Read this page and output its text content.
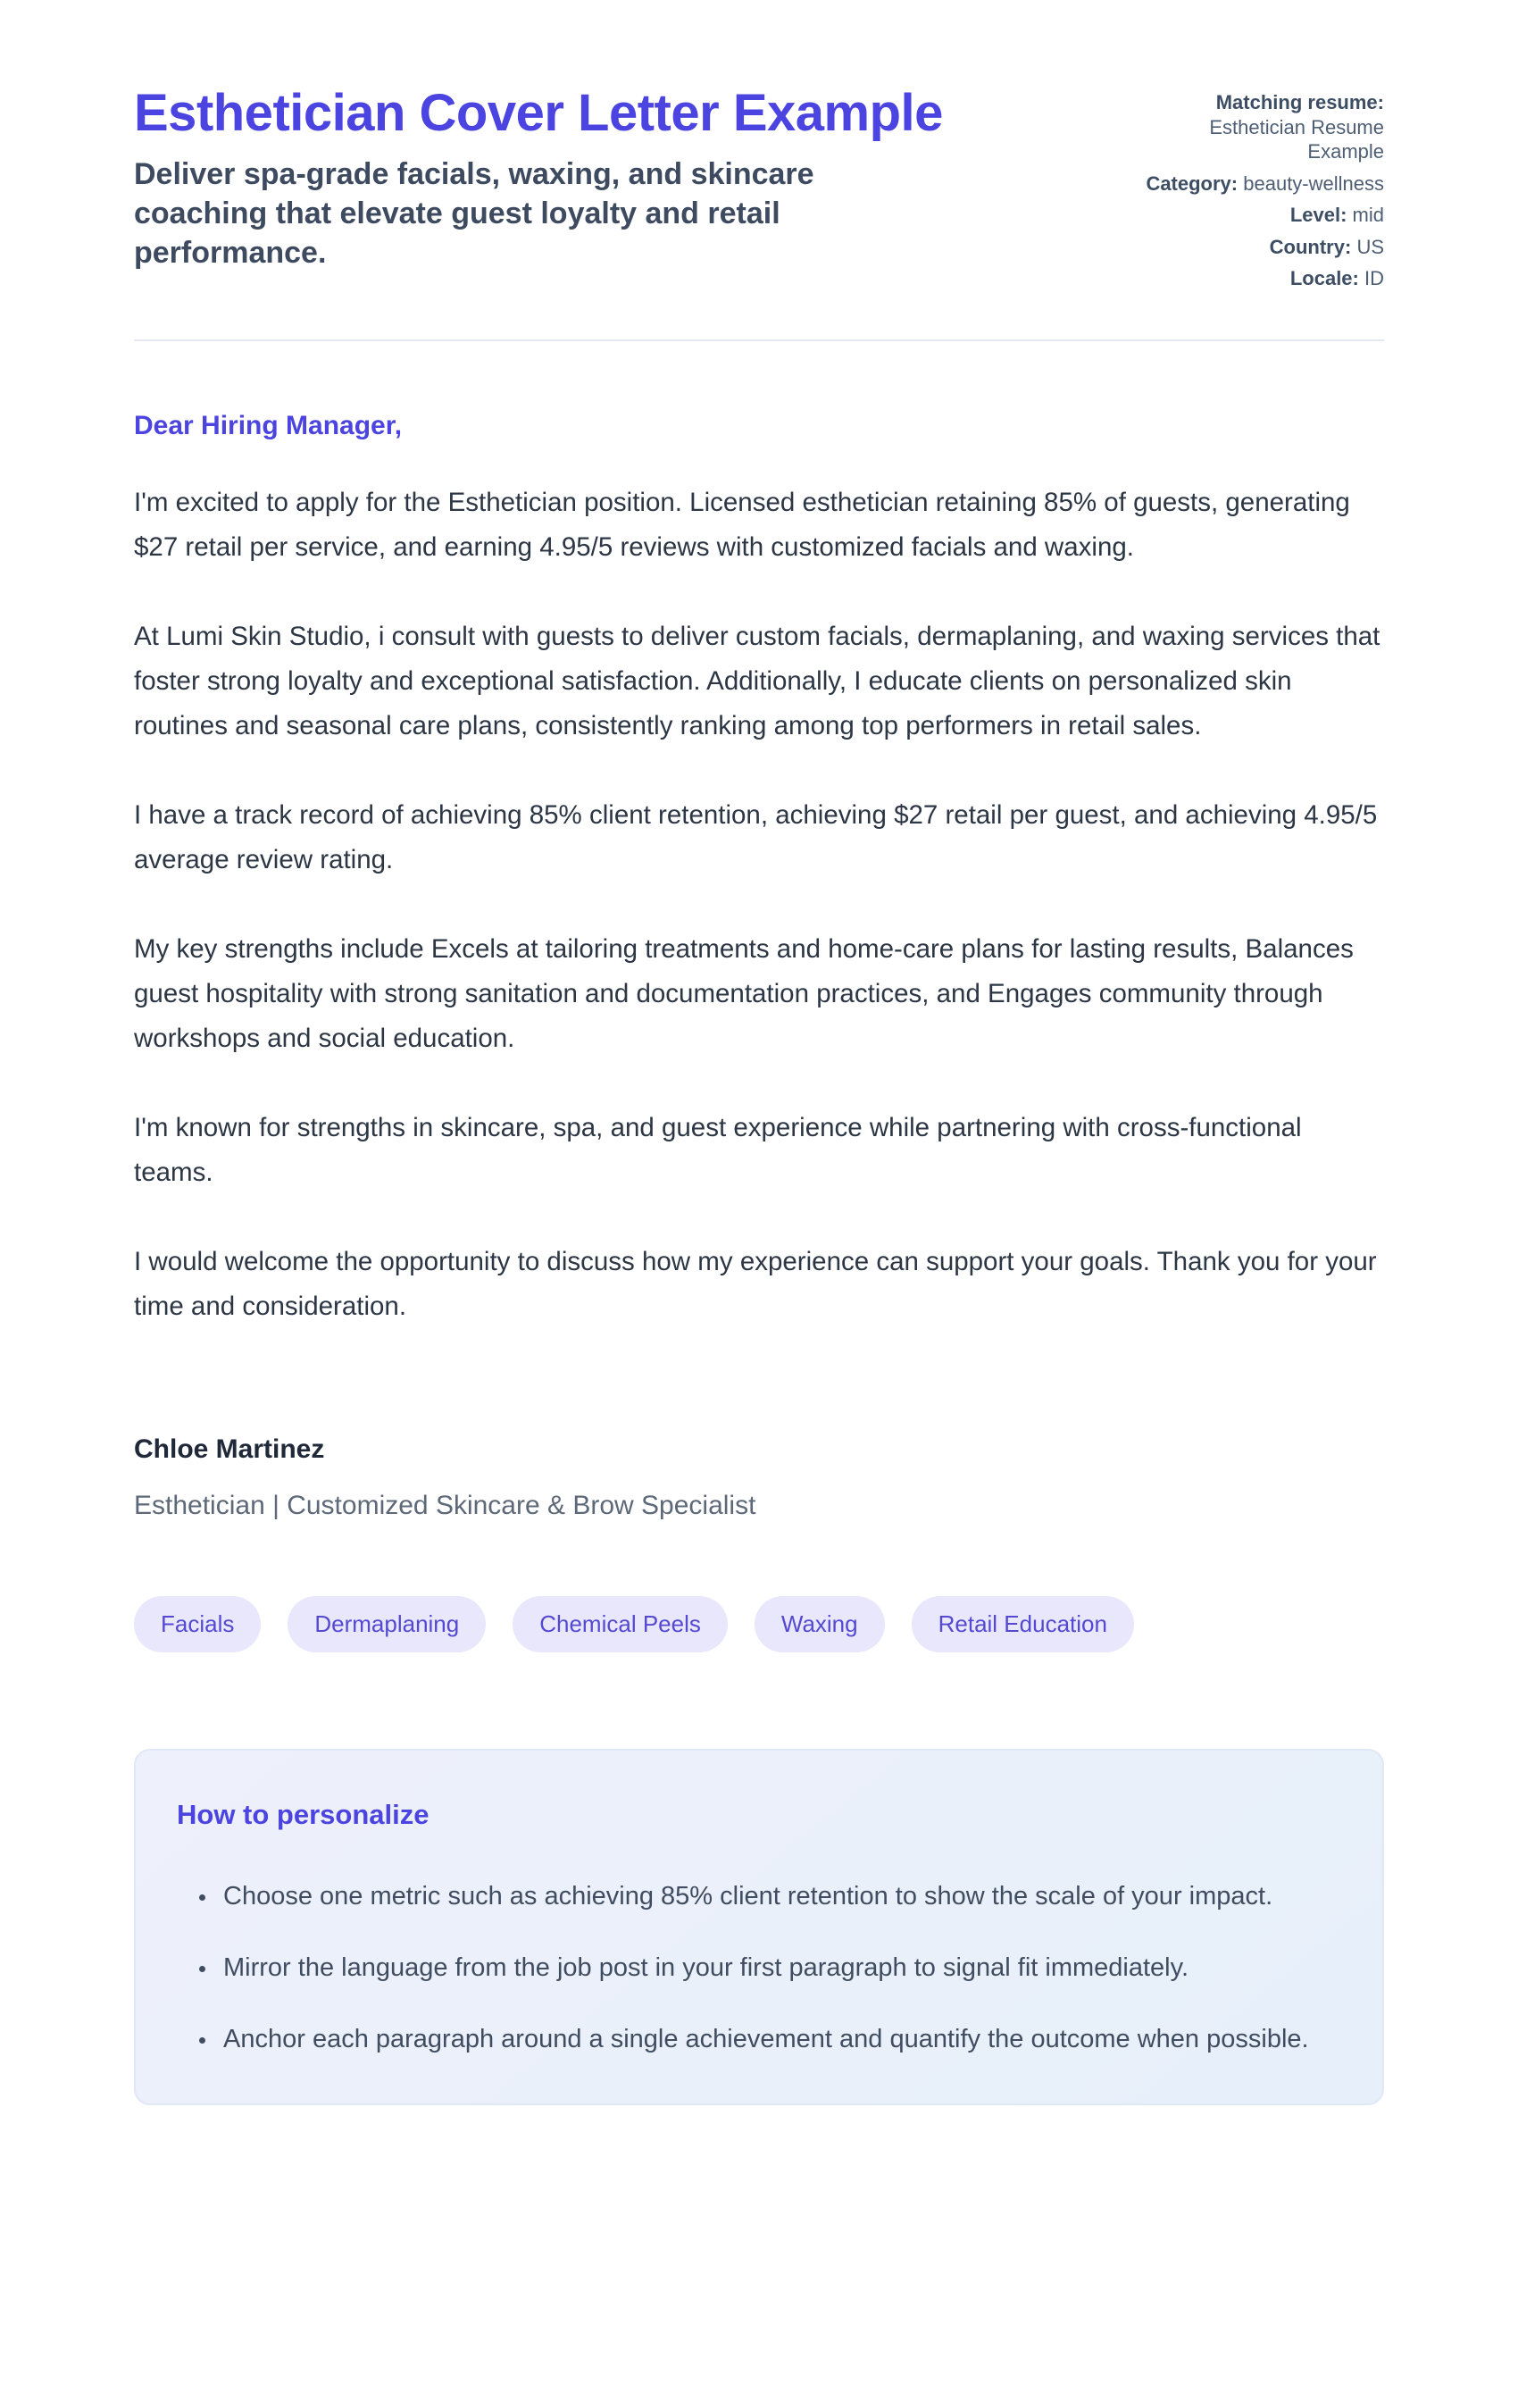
Esthetician Cover Letter Example

Deliver spa-grade facials, waxing, and skincare coaching that elevate guest loyalty and retail performance.

Matching resume: Esthetician Resume Example
Category: beauty-wellness
Level: mid
Country: US
Locale: ID

Dear Hiring Manager,

I'm excited to apply for the Esthetician position. Licensed esthetician retaining 85% of guests, generating $27 retail per service, and earning 4.95/5 reviews with customized facials and waxing.

At Lumi Skin Studio, i consult with guests to deliver custom facials, dermaplaning, and waxing services that foster strong loyalty and exceptional satisfaction. Additionally, I educate clients on personalized skin routines and seasonal care plans, consistently ranking among top performers in retail sales.

I have a track record of achieving 85% client retention, achieving $27 retail per guest, and achieving 4.95/5 average review rating.

My key strengths include Excels at tailoring treatments and home-care plans for lasting results, Balances guest hospitality with strong sanitation and documentation practices, and Engages community through workshops and social education.

I'm known for strengths in skincare, spa, and guest experience while partnering with cross-functional teams.

I would welcome the opportunity to discuss how my experience can support your goals. Thank you for your time and consideration.

Chloe Martinez

Esthetician | Customized Skincare & Brow Specialist

Facials	Dermaplaning	Chemical Peels	Waxing	Retail Education
How to personalize
• Choose one metric such as achieving 85% client retention to show the scale of your impact.
• Mirror the language from the job post in your first paragraph to signal fit immediately.
• Anchor each paragraph around a single achievement and quantify the outcome when possible.
